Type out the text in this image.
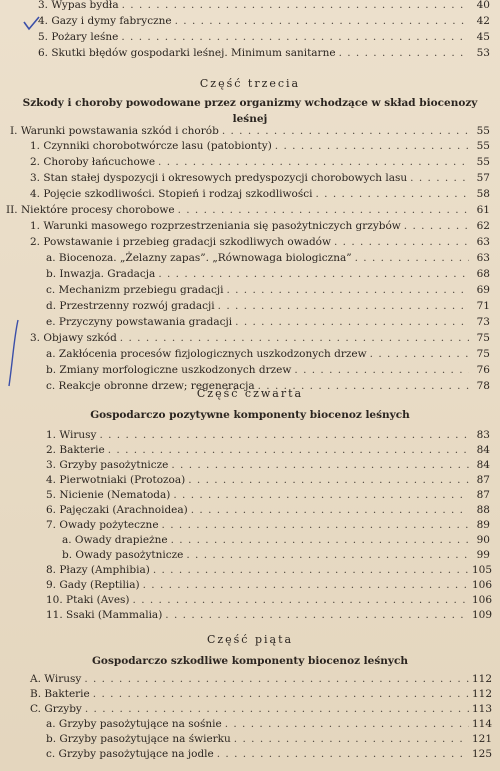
3. Wypas bydła . . .	40
4. Gazy i dymy fabryczne . . .	42
5. Pożary leśne . . .	45
6. Skutki błędów gospodarki leśnej. Minimum sanitarne . . .	53
Część trzecia
Szkody i choroby powodowane przez organizmy wchodzące w skład biocenozy
leśnej
I. Warunki powstawania szkód i chorób . . .	55
1. Czynniki chorobotwórcze lasu (patobionty) . . .	55
2. Choroby łańcuchowe . . .	55
3. Stan stałej dyspozycji i okresowych predyspozycji chorobowych lasu . . .	57
4. Pojęcie szkodliwości. Stopień i rodzaj szkodliwości . . .	58
II. Niektóre procesy chorobowe . . .	61
1. Warunki masowego rozprzestrzeniania się pasożytniczych grzybów . . .	62
2. Powstawanie i przebieg gradacji szkodliwych owadów . . .	63
a. Biocenoza. „Żelazny zapas”. „Równowaga biologiczna” . . .	63
b. Inwazja. Gradacja . . .	68
c. Mechanizm przebiegu gradacji . . .	69
d. Przestrzenny rozwój gradacji . . .	71
e. Przyczyny powstawania gradacji . . .	73
3. Objawy szkód . . .	75
a. Zakłócenia procesów fizjologicznych uszkodzonych drzew . . .	75
b. Zmiany morfologiczne uszkodzonych drzew . . .	76
c. Reakcje obronne drzew; regeneracja . . .	78
Część czwarta
Gospodarczo pozytywne komponenty biocenoz leśnych
1. Wirusy . . .	83
2. Bakterie . . .	84
3. Grzyby pasożytnicze . . .	84
4. Pierwotniaki (Protozoa) . . .	87
5. Nicienie (Nematoda) . . .	87
6. Pajęczaki (Arachnoidea) . . .	88
7. Owady pożyteczne . . .	89
a. Owady drapieżne . . .	90
b. Owady pasożytnicze . . .	99
8. Płazy (Amphibia) . . .	105
9. Gady (Reptilia) . . .	106
10. Ptaki (Aves) . . .	106
11. Ssaki (Mammalia) . . .	109
Część piąta
Gospodarczo szkodliwe komponenty biocenoz leśnych
A. Wirusy . . .	112
B. Bakterie . . .	112
C. Grzyby . . .	113
a. Grzyby pasożytujące na sośnie . . .	114
b. Grzyby pasożytujące na świerku . . .	121
c. Grzyby pasożytujące na jodle . . .	125
